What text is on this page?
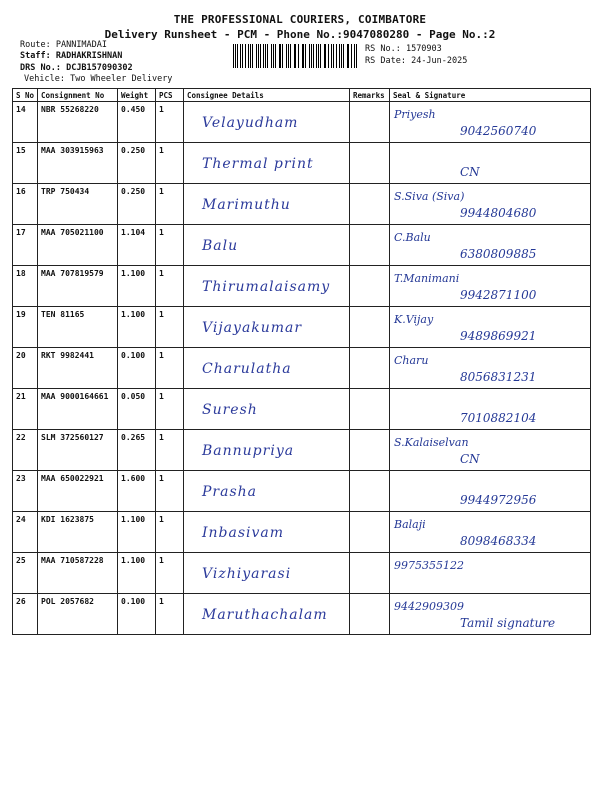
THE PROFESSIONAL COURIERS, COIMBATORE
Delivery Runsheet - PCM - Phone No.:9047080280 - Page No.:2
Route: PANNIMADAI
Staff: RADHAKRISHNAN
DRS No.: DCJB157090302
Vehicle: Two Wheeler Delivery
RS No.: 1570903
RS Date: 24-Jun-2025
S No	Consignment No	Weight	PCS	Consignee Details	Remarks	Seal & Signature
14	NBR 55268220	0.450	1	Velayudham		Priyesh
9042560740

15	MAA 303915963	0.250	1	Thermal print		CN

16	TRP 750434	0.250	1	Marimuthu		S.Siva (Siva)
9944804680

17	MAA 705021100	1.104	1	Balu		C.Balu
6380809885

18	MAA 707819579	1.100	1	Thirumalaisamy		T.Manimani
9942871100

19	TEN 81165	1.100	1	Vijayakumar		K.Vijay
9489869921

20	RKT 9982441	0.100	1	Charulatha		Charu
8056831231

21	MAA 9000164661	0.050	1	Suresh		7010882104

22	SLM 372560127	0.265	1	Bannupriya		S.Kalaiselvan
CN

23	MAA 650022921	1.600	1	Prasha		9944972956

24	KDI 1623875	1.100	1	Inbasivam		Balaji
8098468334

25	MAA 710587228	1.100	1	Vizhiyarasi		9975355122

26	POL 2057682	0.100	1	Maruthachalam		9442909309
Tamil signature
